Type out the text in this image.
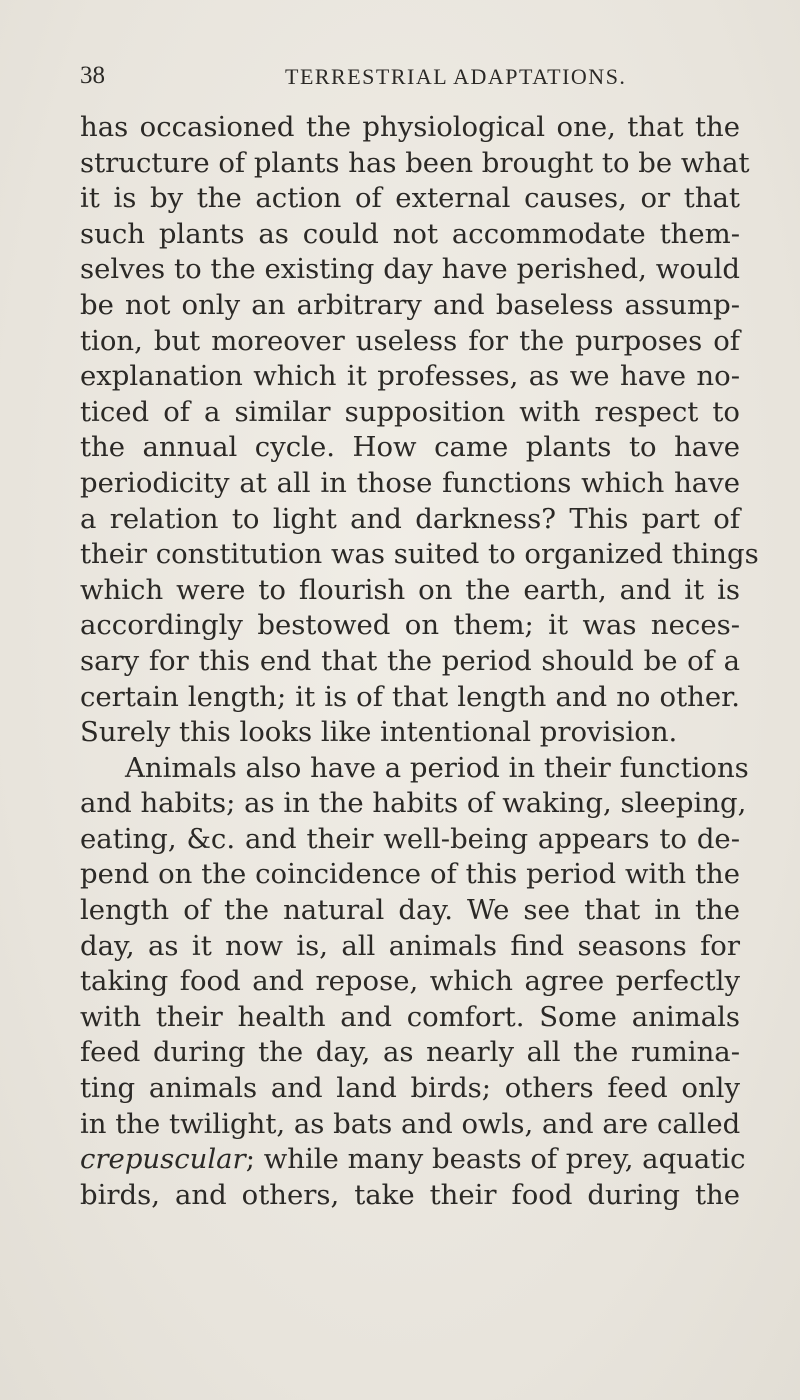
38	TERRESTRIAL ADAPTATIONS.
has occasioned the physiological one, that the
structure of plants has been brought to be what
it is by the action of external causes, or that
such plants as could not accommodate them-
selves to the existing day have perished, would
be not only an arbitrary and baseless assump-
tion, but moreover useless for the purposes of
explanation which it professes, as we have no-
ticed of a similar supposition with respect to
the annual cycle. How came plants to have
periodicity at all in those functions which have
a relation to light and darkness? This part of
their constitution was suited to organized things
which were to flourish on the earth, and it is
accordingly bestowed on them; it was neces-
sary for this end that the period should be of a
certain length; it is of that length and no other.
Surely this looks like intentional provision.
Animals also have a period in their functions
and habits; as in the habits of waking, sleeping,
eating, &c. and their well-being appears to de-
pend on the coincidence of this period with the
length of the natural day. We see that in the
day, as it now is, all animals find seasons for
taking food and repose, which agree perfectly
with their health and comfort. Some animals
feed during the day, as nearly all the rumina-
ting animals and land birds; others feed only
in the twilight, as bats and owls, and are called
crepuscular; while many beasts of prey, aquatic
birds, and others, take their food during the
